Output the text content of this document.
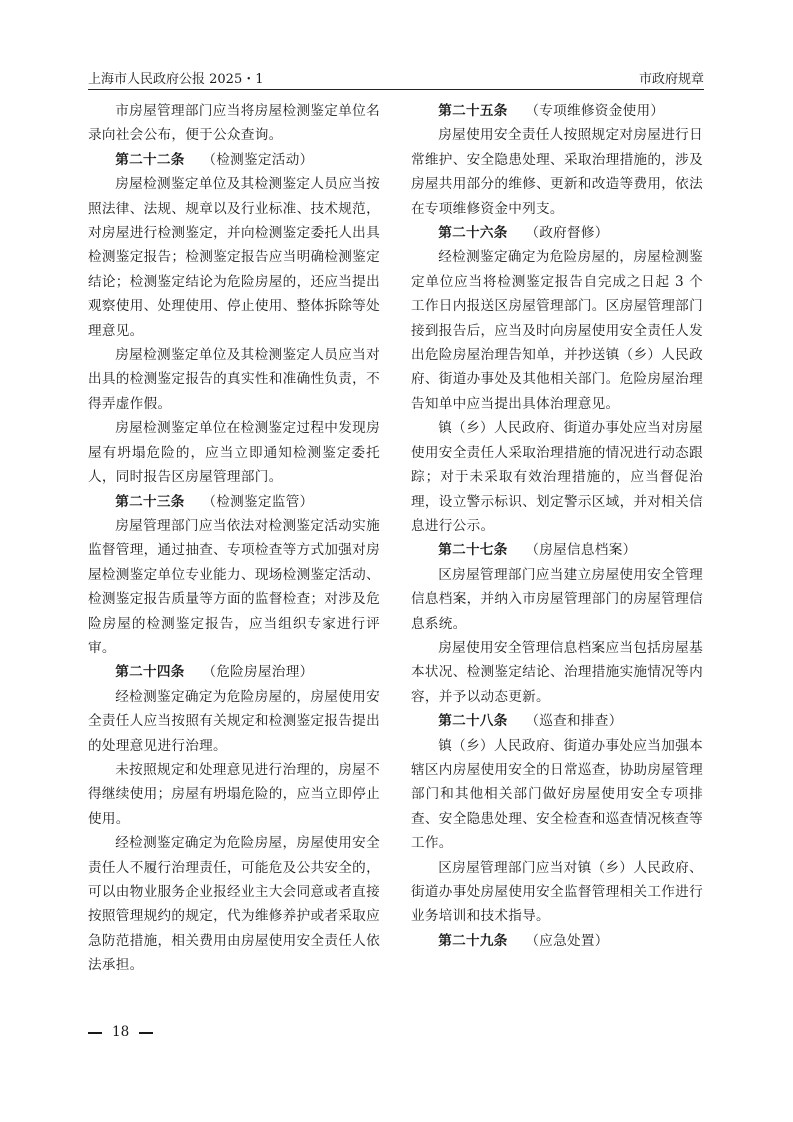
上海市人民政府公报 2025・1	市政府规章

市房屋管理部门应当将房屋检测鉴定单位名录向社会公布，便于公众查询。

第二十二条 （检测鉴定活动）

房屋检测鉴定单位及其检测鉴定人员应当按照法律、法规、规章以及行业标准、技术规范，对房屋进行检测鉴定，并向检测鉴定委托人出具检测鉴定报告；检测鉴定报告应当明确检测鉴定结论；检测鉴定结论为危险房屋的，还应当提出观察使用、处理使用、停止使用、整体拆除等处理意见。

房屋检测鉴定单位及其检测鉴定人员应当对出具的检测鉴定报告的真实性和准确性负责，不得弄虚作假。

房屋检测鉴定单位在检测鉴定过程中发现房屋有坍塌危险的，应当立即通知检测鉴定委托人，同时报告区房屋管理部门。

第二十三条 （检测鉴定监管）

房屋管理部门应当依法对检测鉴定活动实施监督管理，通过抽查、专项检查等方式加强对房屋检测鉴定单位专业能力、现场检测鉴定活动、检测鉴定报告质量等方面的监督检查；对涉及危险房屋的检测鉴定报告，应当组织专家进行评审。

第二十四条 （危险房屋治理）

经检测鉴定确定为危险房屋的，房屋使用安全责任人应当按照有关规定和检测鉴定报告提出的处理意见进行治理。

未按照规定和处理意见进行治理的，房屋不得继续使用；房屋有坍塌危险的，应当立即停止使用。

经检测鉴定确定为危险房屋，房屋使用安全责任人不履行治理责任，可能危及公共安全的，可以由物业服务企业报经业主大会同意或者直接按照管理规约的规定，代为维修养护或者采取应急防范措施，相关费用由房屋使用安全责任人依法承担。

第二十五条 （专项维修资金使用）

房屋使用安全责任人按照规定对房屋进行日常维护、安全隐患处理、采取治理措施的，涉及房屋共用部分的维修、更新和改造等费用，依法在专项维修资金中列支。

第二十六条 （政府督修）

经检测鉴定确定为危险房屋的，房屋检测鉴定单位应当将检测鉴定报告自完成之日起 3 个工作日内报送区房屋管理部门。区房屋管理部门接到报告后，应当及时向房屋使用安全责任人发出危险房屋治理告知单，并抄送镇（乡）人民政府、街道办事处及其他相关部门。危险房屋治理告知单中应当提出具体治理意见。

镇（乡）人民政府、街道办事处应当对房屋使用安全责任人采取治理措施的情况进行动态跟踪；对于未采取有效治理措施的，应当督促治理，设立警示标识、划定警示区域，并对相关信息进行公示。

第二十七条 （房屋信息档案）

区房屋管理部门应当建立房屋使用安全管理信息档案，并纳入市房屋管理部门的房屋管理信息系统。

房屋使用安全管理信息档案应当包括房屋基本状况、检测鉴定结论、治理措施实施情况等内容，并予以动态更新。

第二十八条 （巡查和排查）

镇（乡）人民政府、街道办事处应当加强本辖区内房屋使用安全的日常巡查，协助房屋管理部门和其他相关部门做好房屋使用安全专项排查、安全隐患处理、安全检查和巡查情况核查等工作。

区房屋管理部门应当对镇（乡）人民政府、街道办事处房屋使用安全监督管理相关工作进行业务培训和技术指导。

第二十九条 （应急处置）

18
